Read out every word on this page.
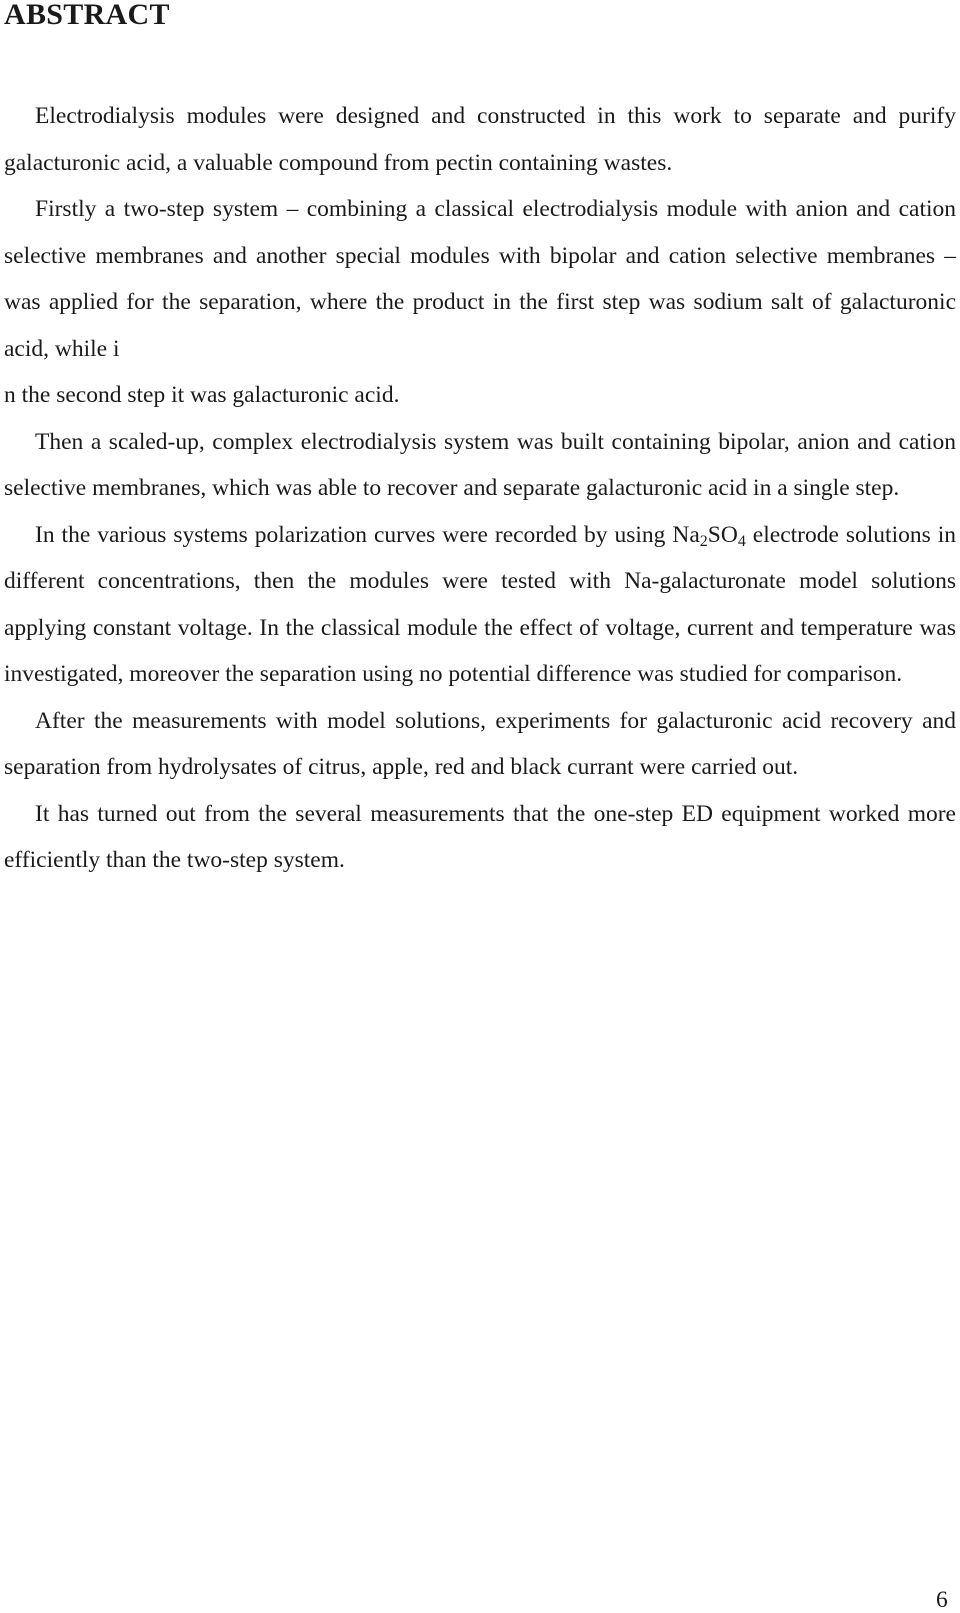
ABSTRACT

Electrodialysis modules were designed and constructed in this work to separate and purify galacturonic acid, a valuable compound from pectin containing wastes.

Firstly a two-step system – combining a classical electrodialysis module with anion and cation selective membranes and another special modules with bipolar and cation selective membranes – was applied for the separation, where the product in the first step was sodium salt of galacturonic acid, while i

n the second step it was galacturonic acid.

Then a scaled-up, complex electrodialysis system was built containing bipolar, anion and cation selective membranes, which was able to recover and separate galacturonic acid in a single step.

In the various systems polarization curves were recorded by using $Na_2SO_4$ electrode solutions in different concentrations, then the modules were tested with Na-galacturonate model solutions applying constant voltage. In the classical module the effect of voltage, current and temperature was investigated, moreover the separation using no potential difference was studied for comparison.

After the measurements with model solutions, experiments for galacturonic acid recovery and separation from hydrolysates of citrus, apple, red and black currant were carried out.

It has turned out from the several measurements that the one-step ED equipment worked more efficiently than the two-step system.

6
